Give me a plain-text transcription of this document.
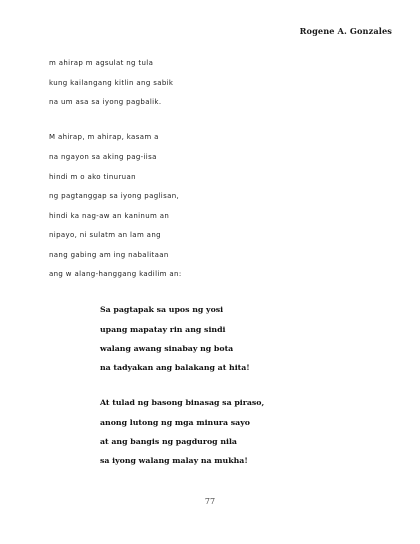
Rogene A. Gonzales
m ahirap m agsulat ng tula
kung kailangang kitlin ang sabik
na um asa sa iyong pagbalik.
M ahirap, m ahirap, kasam a
na ngayon sa aking pag-iisa
hindi m o ako tinuruan
ng pagtanggap sa iyong paglisan,
hindi ka nag-aw an kaninum an
nipayo, ni sulatm an lam ang
nang gabing am ing nabalitaan
ang w alang-hanggang kadilim an:
Sa pagtapak sa upos ng yosi
upang mapatay rin ang sindi
walang awang sinabay ng bota
na tadyakan ang balakang at hita!
At tulad ng basong binasag sa piraso,
anong lutong ng mga minura sayo
at ang bangis ng pagdurog nila
sa iyong walang malay na mukha!
77
